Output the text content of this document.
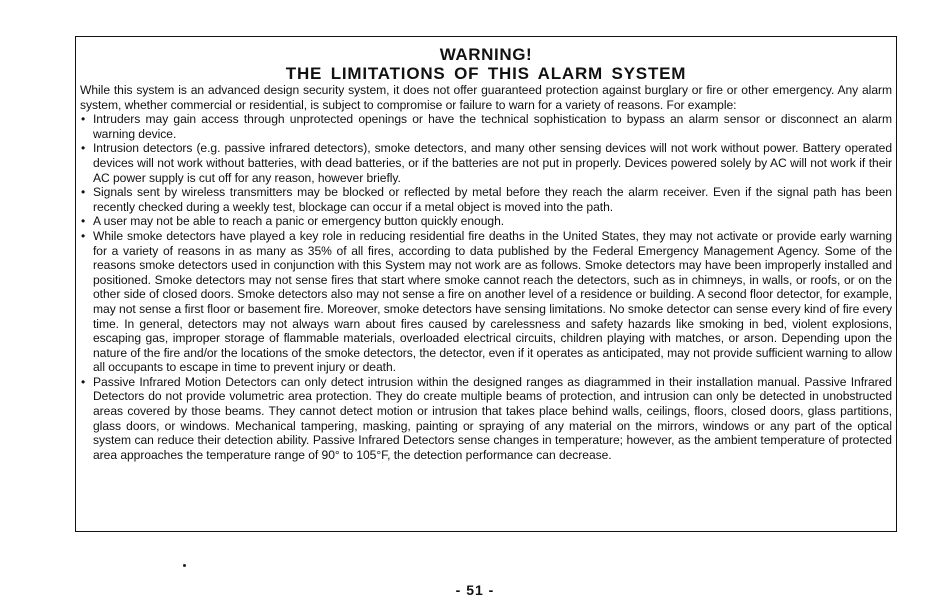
WARNING!
THE LIMITATIONS OF THIS ALARM SYSTEM

While this system is an advanced design security system, it does not offer guaranteed protection against burglary or fire or other emergency. Any alarm system, whether commercial or residential, is subject to compromise or failure to warn for a variety of reasons. For example:

• Intruders may gain access through unprotected openings or have the technical sophistication to bypass an alarm sensor or disconnect an alarm warning device.
• Intrusion detectors (e.g. passive infrared detectors), smoke detectors, and many other sensing devices will not work without power. Battery operated devices will not work without batteries, with dead batteries, or if the batteries are not put in properly. Devices powered solely by AC will not work if their AC power supply is cut off for any reason, however briefly.
• Signals sent by wireless transmitters may be blocked or reflected by metal before they reach the alarm receiver. Even if the signal path has been recently checked during a weekly test, blockage can occur if a metal object is moved into the path.
• A user may not be able to reach a panic or emergency button quickly enough.
• While smoke detectors have played a key role in reducing residential fire deaths in the United States, they may not activate or provide early warning for a variety of reasons in as many as 35% of all fires, according to data published by the Federal Emergency Management Agency. Some of the reasons smoke detectors used in conjunction with this System may not work are as follows. Smoke detectors may have been improperly installed and positioned. Smoke detectors may not sense fires that start where smoke cannot reach the detectors, such as in chimneys, in walls, or roofs, or on the other side of closed doors. Smoke detectors also may not sense a fire on another level of a residence or building. A second floor detector, for example, may not sense a first floor or basement fire. Moreover, smoke detectors have sensing limitations. No smoke detector can sense every kind of fire every time. In general, detectors may not always warn about fires caused by carelessness and safety hazards like smoking in bed, violent explosions, escaping gas, improper storage of flammable materials, overloaded electrical circuits, children playing with matches, or arson. Depending upon the nature of the fire and/or the locations of the smoke detectors, the detector, even if it operates as anticipated, may not provide sufficient warning to allow all occupants to escape in time to prevent injury or death.
• Passive Infrared Motion Detectors can only detect intrusion within the designed ranges as diagrammed in their installation manual. Passive Infrared Detectors do not provide volumetric area protection. They do create multiple beams of protection, and intrusion can only be detected in unobstructed areas covered by those beams. They cannot detect motion or intrusion that takes place behind walls, ceilings, floors, closed doors, glass partitions, glass doors, or windows. Mechanical tampering, masking, painting or spraying of any material on the mirrors, windows or any part of the optical system can reduce their detection ability. Passive Infrared Detectors sense changes in temperature; however, as the ambient temperature of protected area approaches the temperature range of 90° to 105°F, the detection performance can decrease.
- 51 -
